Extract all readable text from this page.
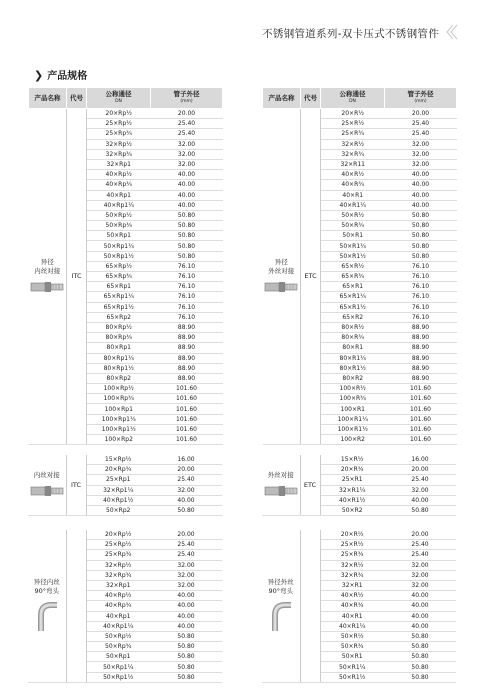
不锈钢管道系列-双卡压式不锈钢管件
❯ 产品规格
产品名称	代号	公称通径
DN	管子外径
(mm)

异径
内丝对接	ITC	20×Rp½	20.00
		25×Rp½	25.40
		25×Rp¾	25.40
		32×Rp½	32.00
		32×Rp¾	32.00
		32×Rp1	32.00
		40×Rp½	40.00
		40×Rp¾	40.00
		40×Rp1	40.00
		40×Rp1¼	40.00
		50×Rp½	50.80
		50×Rp¾	50.80
		50×Rp1	50.80
		50×Rp1¼	50.80
		50×Rp1½	50.80
		65×Rp½	76.10
		65×Rp¾	76.10
		65×Rp1	76.10
		65×Rp1¼	76.10
		65×Rp1½	76.10
		65×Rp2	76.10
		80×Rp½	88.90
		80×Rp¾	88.90
		80×Rp1	88.90
		80×Rp1¼	88.90
		80×Rp1½	88.90
		80×Rp2	88.90
		100×Rp½	101.60
		100×Rp¾	101.60
		100×Rp1	101.60
		100×Rp1¼	101.60
		100×Rp1½	101.60
		100×Rp2	101.60
产品名称	代号	公称通径
DN	管子外径
(mm)

异径
外丝对接	ETC	20×R½	20.00
		25×R½	25.40
		25×R¾	25.40
		32×R½	32.00
		32×R¾	32.00
		32×R11	32.00
		40×R½	40.00
		40×R¾	40.00
		40×R1	40.00
		40×R1¼	40.00
		50×R½	50.80
		50×R¾	50.80
		50×R1	50.80
		50×R1¼	50.80
		50×R1½	50.80
		65×R½	76.10
		65×R¾	76.10
		65×R1	76.10
		65×R1¼	76.10
		65×R1½	76.10
		65×R2	76.10
		80×R½	88.90
		80×R¾	88.90
		80×R1	88.90
		80×R1¼	88.90
		80×R1½	88.90
		80×R2	88.90
		100×R½	101.60
		100×R¾	101.60
		100×R1	101.60
		100×R1¼	101.60
		100×R1½	101.60
		100×R2	101.60
内丝对接	ITC	15×Rp½	16.00
		20×Rp¾	20.00
		25×Rp1	25.40
		32×Rp1¼	32.00
		40×Rp1½	40.00
		50×Rp2	50.80
外丝对接	ETC	15×R½	16.00
		20×R¾	20.00
		25×R1	25.40
		32×R1¼	32.00
		40×R1½	40.00
		50×R2	50.80
异径内丝
90°弯头		20×Rp½	20.00
		25×Rp½	25.40
		25×Rp¾	25.40
		32×Rp½	32.00
		32×Rp¾	32.00
		32×Rp1	32.00
		40×Rp½	40.00
		40×Rp¾	40.00
		40×Rp1	40.00
		40×Rp1¼	40.00
		50×Rp½	50.80
		50×Rp¾	50.80
		50×Rp1	50.80
		50×Rp1¼	50.80
		50×Rp1½	50.80
异径外丝
90°弯头		20×R½	20.00
		25×R½	25.40
		25×R¾	25.40
		32×R½	32.00
		32×R¾	32.00
		32×R1	32.00
		40×R½	40.00
		40×R¾	40.00
		40×R1	40.00
		40×R1¼	40.00
		50×R½	50.80
		50×R¾	50.80
		50×R1	50.80
		50×R1¼	50.80
		50×R1½	50.80
